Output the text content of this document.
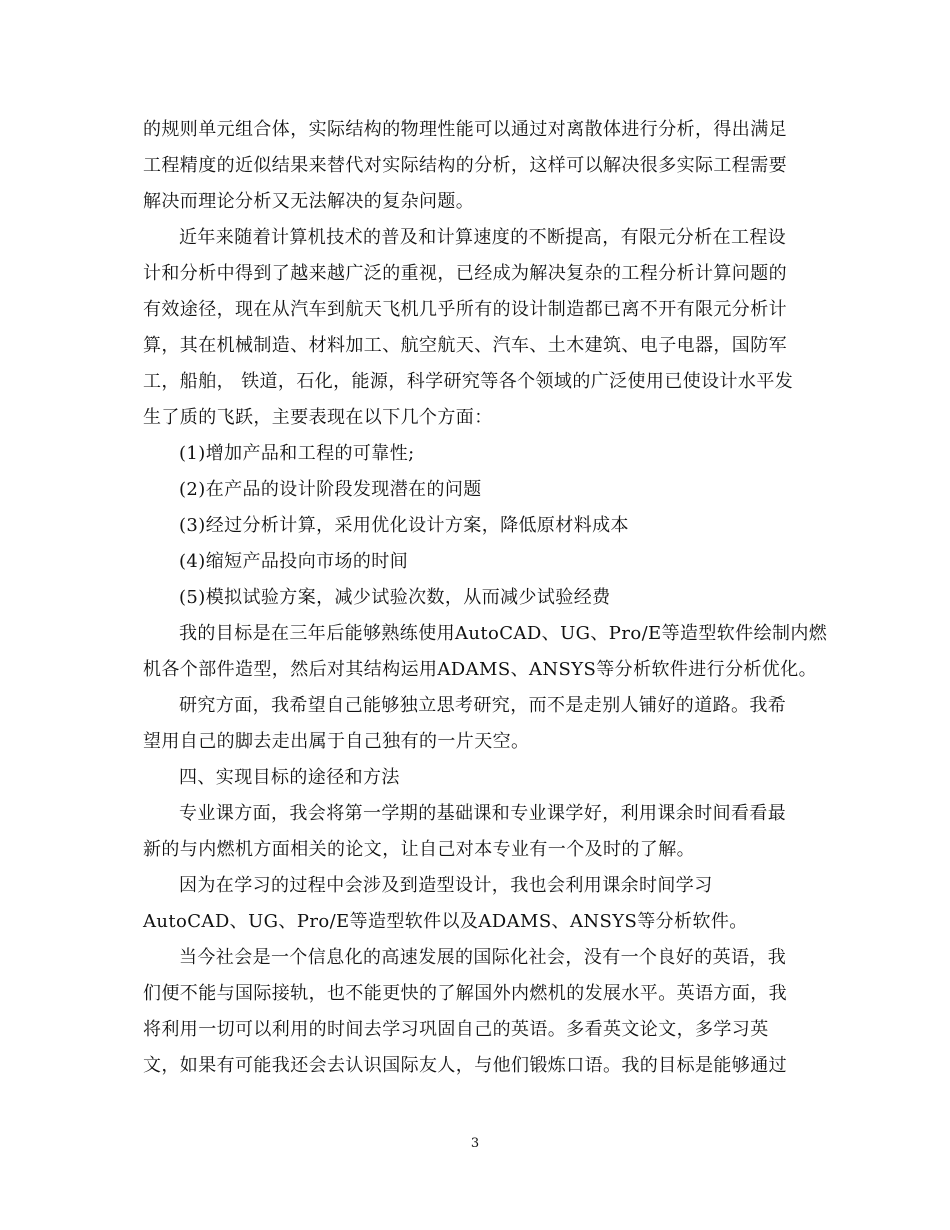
的规则单元组合体，实际结构的物理性能可以通过对离散体进行分析，得出满足
工程精度的近似结果来替代对实际结构的分析，这样可以解决很多实际工程需要
解决而理论分析又无法解决的复杂问题。
近年来随着计算机技术的普及和计算速度的不断提高，有限元分析在工程设
计和分析中得到了越来越广泛的重视，已经成为解决复杂的工程分析计算问题的
有效途径，现在从汽车到航天飞机几乎所有的设计制造都已离不开有限元分析计
算，其在机械制造、材料加工、航空航天、汽车、土木建筑、电子电器，国防军
工，船舶， 铁道，石化，能源，科学研究等各个领域的广泛使用已使设计水平发
生了质的飞跃，主要表现在以下几个方面：
(1)增加产品和工程的可靠性;
(2)在产品的设计阶段发现潜在的问题
(3)经过分析计算，采用优化设计方案，降低原材料成本
(4)缩短产品投向市场的时间
(5)模拟试验方案，减少试验次数，从而减少试验经费
我的目标是在三年后能够熟练使用AutoCAD、UG、Pro/E等造型软件绘制内燃
机各个部件造型，然后对其结构运用ADAMS、ANSYS等分析软件进行分析优化。
研究方面，我希望自己能够独立思考研究，而不是走别人铺好的道路。我希
望用自己的脚去走出属于自己独有的一片天空。
四、实现目标的途径和方法
专业课方面，我会将第一学期的基础课和专业课学好，利用课余时间看看最
新的与内燃机方面相关的论文，让自己对本专业有一个及时的了解。
因为在学习的过程中会涉及到造型设计，我也会利用课余时间学习
AutoCAD、UG、Pro/E等造型软件以及ADAMS、ANSYS等分析软件。
当今社会是一个信息化的高速发展的国际化社会，没有一个良好的英语，我
们便不能与国际接轨，也不能更快的了解国外内燃机的发展水平。英语方面，我
将利用一切可以利用的时间去学习巩固自己的英语。多看英文论文，多学习英
文，如果有可能我还会去认识国际友人，与他们锻炼口语。我的目标是能够通过
3
